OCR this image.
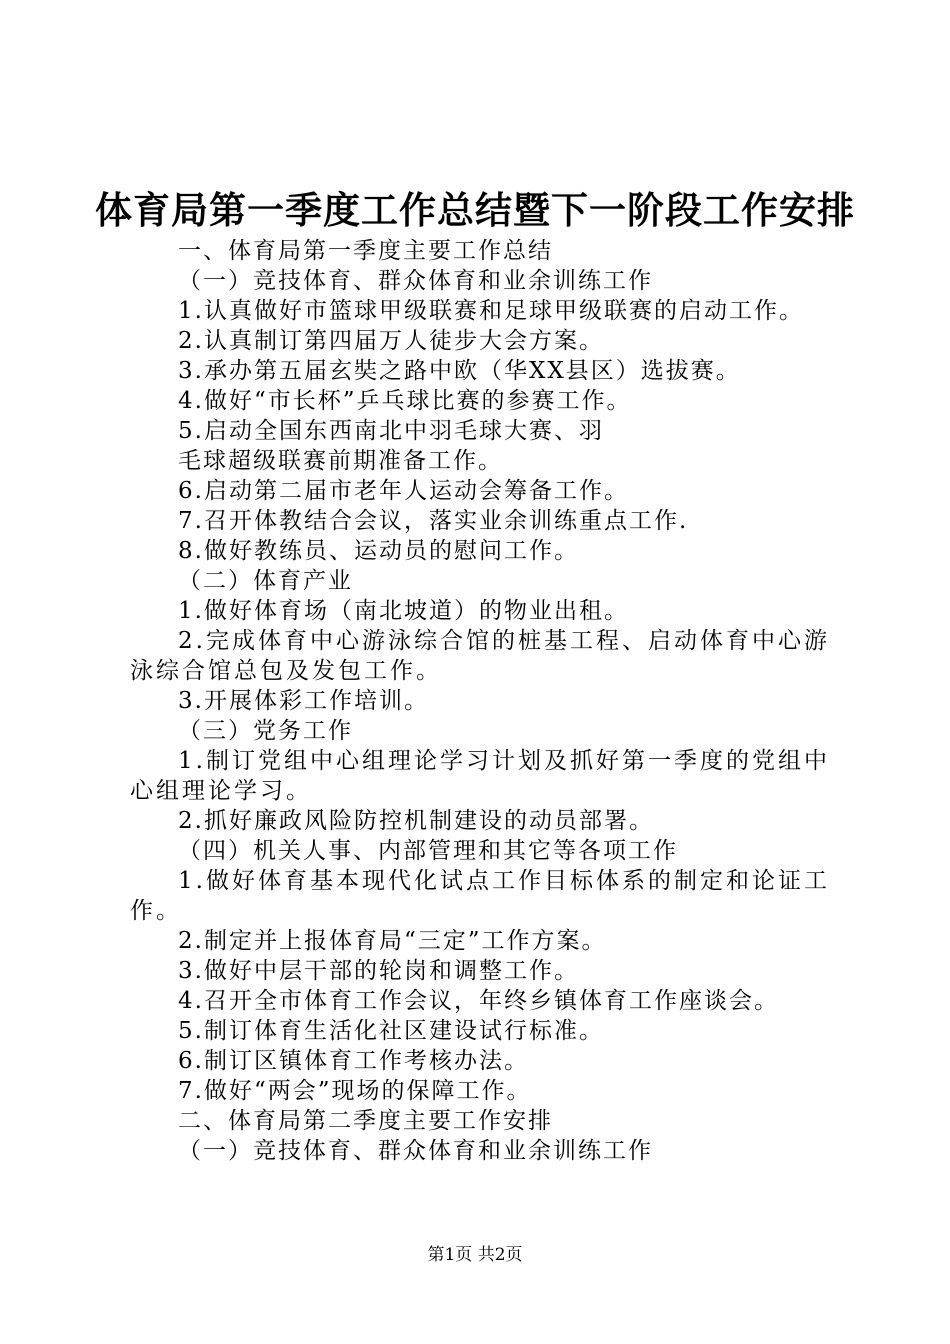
体育局第一季度工作总结暨下一阶段工作安排
一、体育局第一季度主要工作总结
（一）竞技体育、群众体育和业余训练工作
1.认真做好市篮球甲级联赛和足球甲级联赛的启动工作。
2.认真制订第四届万人徒步大会方案。
3.承办第五届玄奘之路中欧（华XX县区）选拔赛。
4.做好“市长杯”乒乓球比赛的参赛工作。
5.启动全国东西南北中羽毛球大赛、羽
毛球超级联赛前期准备工作。
6.启动第二届市老年人运动会筹备工作。
7.召开体教结合会议，落实业余训练重点工作.
8.做好教练员、运动员的慰问工作。
（二）体育产业
1.做好体育场（南北坡道）的物业出租。
2.完成体育中心游泳综合馆的桩基工程、启动体育中心游泳综合馆总包及发包工作。
3.开展体彩工作培训。
（三）党务工作
1.制订党组中心组理论学习计划及抓好第一季度的党组中心组理论学习。
2.抓好廉政风险防控机制建设的动员部署。
（四）机关人事、内部管理和其它等各项工作
1.做好体育基本现代化试点工作目标体系的制定和论证工作。
2.制定并上报体育局“三定”工作方案。
3.做好中层干部的轮岗和调整工作。
4.召开全市体育工作会议，年终乡镇体育工作座谈会。
5.制订体育生活化社区建设试行标准。
6.制订区镇体育工作考核办法。
7.做好“两会”现场的保障工作。
二、体育局第二季度主要工作安排
（一）竞技体育、群众体育和业余训练工作
第1页 共2页
